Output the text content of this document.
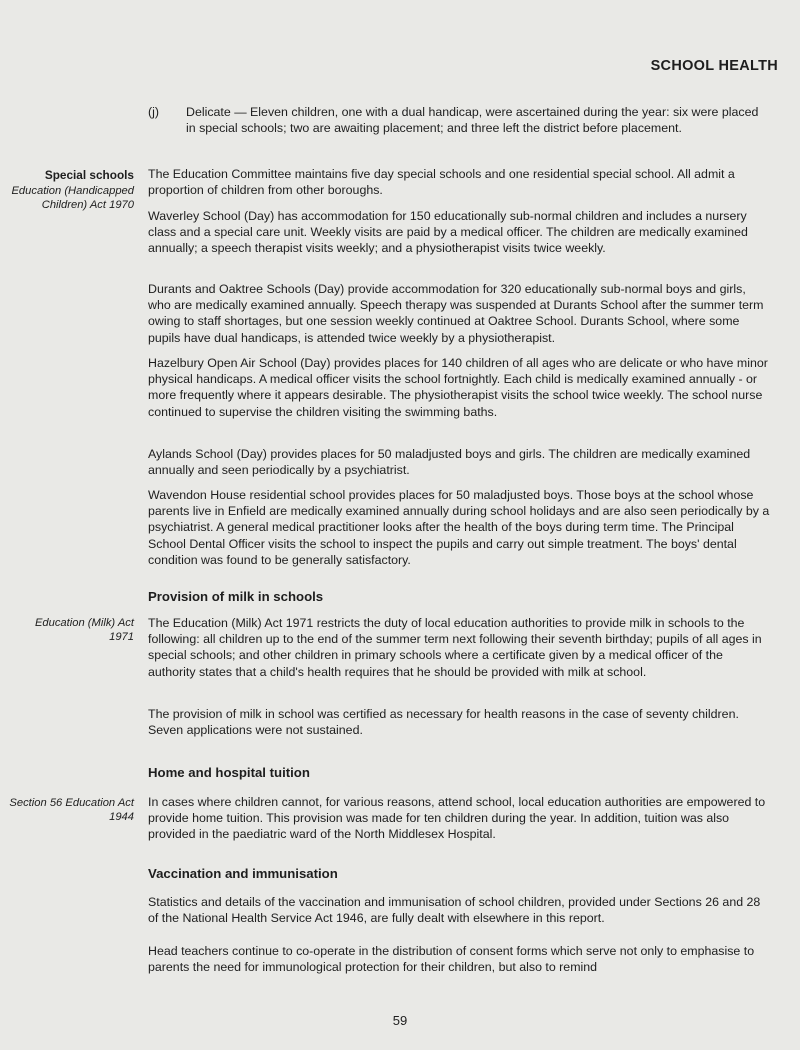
SCHOOL HEALTH
(j)	Delicate — Eleven children, one with a dual handicap, were ascertained during the year: six were placed in special schools; two are awaiting placement; and three left the district before placement.
Special schools
Education (Handicapped Children) Act 1970

The Education Committee maintains five day special schools and one residential special school. All admit a proportion of children from other boroughs.

Waverley School (Day) has accommodation for 150 educationally sub-normal children and includes a nursery class and a special care unit. Weekly visits are paid by a medical officer. The children are medically examined annually; a speech therapist visits weekly; and a physiotherapist visits twice weekly.

Durants and Oaktree Schools (Day) provide accommodation for 320 educationally sub-normal boys and girls, who are medically examined annually. Speech therapy was suspended at Durants School after the summer term owing to staff shortages, but one session weekly continued at Oaktree School. Durants School, where some pupils have dual handicaps, is attended twice weekly by a physiotherapist.

Hazelbury Open Air School (Day) provides places for 140 children of all ages who are delicate or who have minor physical handicaps. A medical officer visits the school fortnightly. Each child is medically examined annually - or more frequently where it appears desirable. The physiotherapist visits the school twice weekly. The school nurse continued to supervise the children visiting the swimming baths.

Aylands School (Day) provides places for 50 maladjusted boys and girls. The children are medically examined annually and seen periodically by a psychiatrist.

Wavendon House residential school provides places for 50 maladjusted boys. Those boys at the school whose parents live in Enfield are medically examined annually during school holidays and are also seen periodically by a psychiatrist. A general medical practitioner looks after the health of the boys during term time. The Principal School Dental Officer visits the school to inspect the pupils and carry out simple treatment. The boys' dental condition was found to be generally satisfactory.

Provision of milk in schools
Education (Milk) Act 1971

The Education (Milk) Act 1971 restricts the duty of local education authorities to provide milk in schools to the following: all children up to the end of the summer term next following their seventh birthday; pupils of all ages in special schools; and other children in primary schools where a certificate given by a medical officer of the authority states that a child's health requires that he should be provided with milk at school.

The provision of milk in school was certified as necessary for health reasons in the case of seventy children. Seven applications were not sustained.

Home and hospital tuition
Section 56 Education Act 1944

In cases where children cannot, for various reasons, attend school, local education authorities are empowered to provide home tuition. This provision was made for ten children during the year. In addition, tuition was also provided in the paediatric ward of the North Middlesex Hospital.

Vaccination and immunisation

Statistics and details of the vaccination and immunisation of school children, provided under Sections 26 and 28 of the National Health Service Act 1946, are fully dealt with elsewhere in this report.

Head teachers continue to co-operate in the distribution of consent forms which serve not only to emphasise to parents the need for immunological protection for their children, but also to remind

59
